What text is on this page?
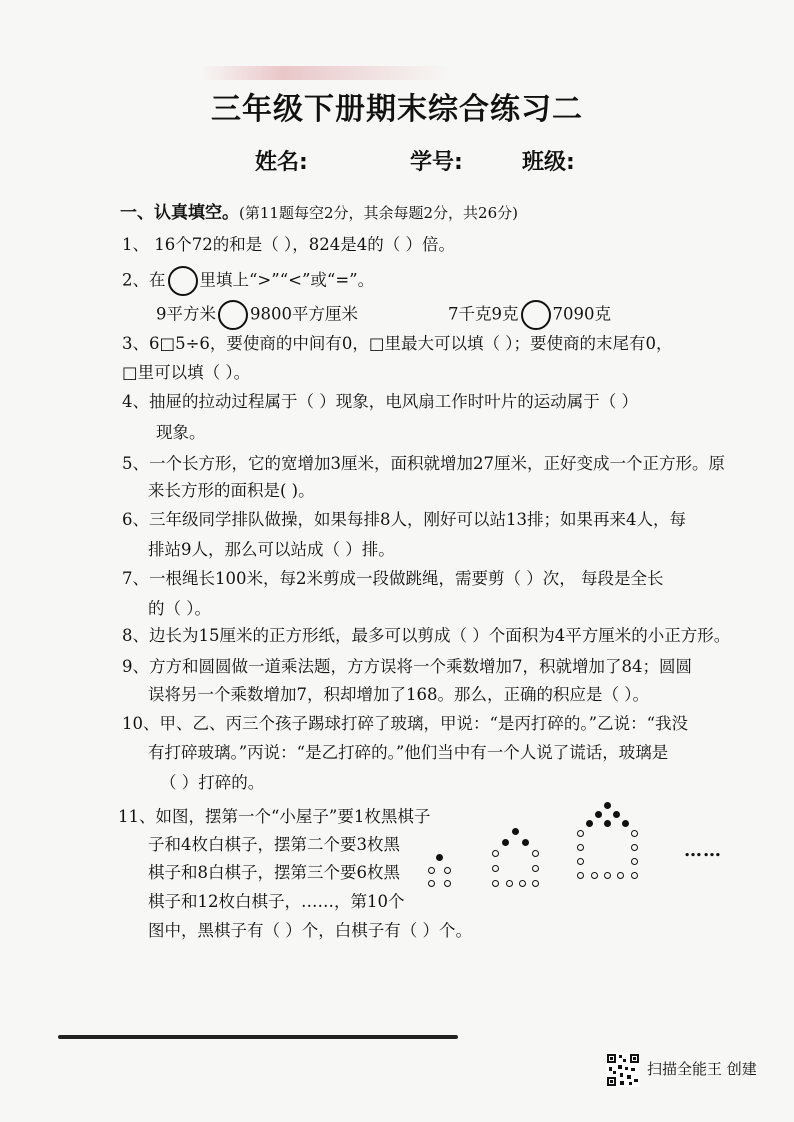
三年级下册期末综合练习二
姓名:	学号:	班级:
一、认真填空。(第11题每空2分，其余每题2分，共26分)
1、 16个72的和是（ ），824是4的（ ）倍。
2、在 里填上“>”“<”或“=”。
9平方米 9800平方厘米	7千克9克 7090克
3、6□5÷6，要使商的中间有0，□里最大可以填（ ）；要使商的末尾有0，
□里可以填（ ）。
4、抽屉的拉动过程属于（ ）现象，电风扇工作时叶片的运动属于（ ）
现象。
5、一个长方形，它的宽增加3厘米，面积就增加27厘米，正好变成一个正方形。原
来长方形的面积是( )。
6、三年级同学排队做操，如果每排8人，刚好可以站13排；如果再来4人，每
排站9人，那么可以站成（ ）排。
7、一根绳长100米，每2米剪成一段做跳绳，需要剪（ ）次， 每段是全长
的（ ）。
8、边长为15厘米的正方形纸，最多可以剪成（ ）个面积为4平方厘米的小正方形。
9、方方和圆圆做一道乘法题，方方误将一个乘数增加7，积就增加了84；圆圆
误将另一个乘数增加7，积却增加了168。那么，正确的积应是（ ）。
10、甲、乙、丙三个孩子踢球打碎了玻璃，甲说：“是丙打碎的。”乙说：“我没
有打碎玻璃。”丙说：“是乙打碎的。”他们当中有一个人说了谎话，玻璃是
（ ）打碎的。
11、如图，摆第一个“小屋子”要1枚黑棋子
子和4枚白棋子，摆第二个要3枚黑
棋子和8白棋子，摆第三个要6枚黑
棋子和12枚白棋子，……，第10个
图中，黑棋子有（ ）个，白棋子有（ ）个。
……
扫描全能王 创建
